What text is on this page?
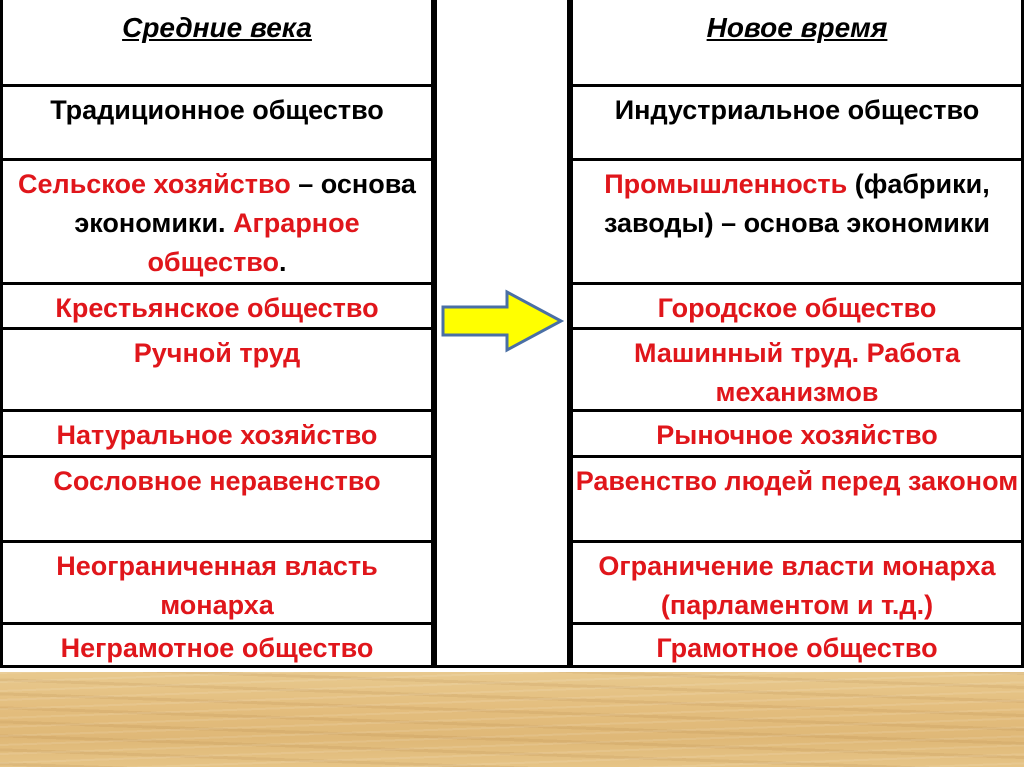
Средние века
Традиционное общество
Сельское хозяйство – основа экономики. Аграрное общество.
Крестьянское общество
Ручной труд
Натуральное хозяйство
Сословное неравенство
Неограниченная власть монарха
Неграмотное общество
Новое время
Индустриальное общество
Промышленность (фабрики, заводы) – основа экономики
Городское общество
Машинный труд. Работа механизмов
Рыночное хозяйство
Равенство людей перед законом
Ограничение власти монарха (парламентом и т.д.)
Грамотное общество
